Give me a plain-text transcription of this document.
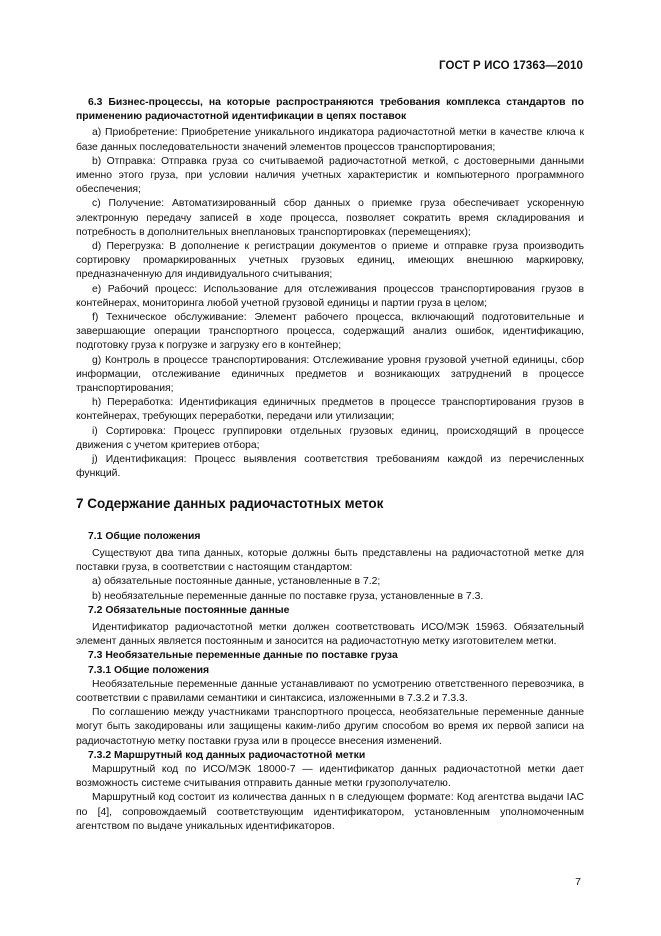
ГОСТ Р ИСО 17363—2010

6.3 Бизнес-процессы, на которые распространяются требования комплекса стандартов по применению радиочастотной идентификации в цепях поставок

a) Приобретение: Приобретение уникального индикатора радиочастотной метки в качестве ключа к базе данных последовательности значений элементов процессов транспортирования;

b) Отправка: Отправка груза со считываемой радиочастотной меткой, с достоверными данными именно этого груза, при условии наличия учетных характеристик и компьютерного программного обеспечения;

c) Получение: Автоматизированный сбор данных о приемке груза обеспечивает ускоренную электронную передачу записей в ходе процесса, позволяет сократить время складирования и потребность в дополнительных внеплановых транспортировках (перемещениях);

d) Перегрузка: В дополнение к регистрации документов о приеме и отправке груза производить сортировку промаркированных учетных грузовых единиц, имеющих внешнюю маркировку, предназначенную для индивидуального считывания;

e) Рабочий процесс: Использование для отслеживания процессов транспортирования грузов в контейнерах, мониторинга любой учетной грузовой единицы и партии груза в целом;

f) Техническое обслуживание: Элемент рабочего процесса, включающий подготовительные и завершающие операции транспортного процесса, содержащий анализ ошибок, идентификацию, подготовку груза к погрузке и загрузку его в контейнер;

g) Контроль в процессе транспортирования: Отслеживание уровня грузовой учетной единицы, сбор информации, отслеживание единичных предметов и возникающих затруднений в процессе транспортирования;

h) Переработка: Идентификация единичных предметов в процессе транспортирования грузов в контейнерах, требующих переработки, передачи или утилизации;

i) Сортировка: Процесс группировки отдельных грузовых единиц, происходящий в процессе движения с учетом критериев отбора;

j) Идентификация: Процесс выявления соответствия требованиям каждой из перечисленных функций.

7 Содержание данных радиочастотных меток

7.1 Общие положения

Существуют два типа данных, которые должны быть представлены на радиочастотной метке для поставки груза, в соответствии с настоящим стандартом:

a) обязательные постоянные данные, установленные в 7.2;

b) необязательные переменные данные по поставке груза, установленные в 7.3.

7.2 Обязательные постоянные данные

Идентификатор радиочастотной метки должен соответствовать ИСО/МЭК 15963. Обязательный элемент данных является постоянным и заносится на радиочастотную метку изготовителем метки.

7.3 Необязательные переменные данные по поставке груза

7.3.1 Общие положения

Необязательные переменные данные устанавливают по усмотрению ответственного перевозчика, в соответствии с правилами семантики и синтаксиса, изложенными в 7.3.2 и 7.3.3.

По соглашению между участниками транспортного процесса, необязательные переменные данные могут быть закодированы или защищены каким-либо другим способом во время их первой записи на радиочастотную метку поставки груза или в процессе внесения изменений.

7.3.2 Маршрутный код данных радиочастотной метки

Маршрутный код по ИСО/МЭК 18000-7 — идентификатор данных радиочастотной метки дает возможность системе считывания отправить данные метки грузополучателю.

Маршрутный код состоит из количества данных n в следующем формате: Код агентства выдачи IAC по [4], сопровождаемый соответствующим идентификатором, установленным уполномоченным агентством по выдаче уникальных идентификаторов.

7
